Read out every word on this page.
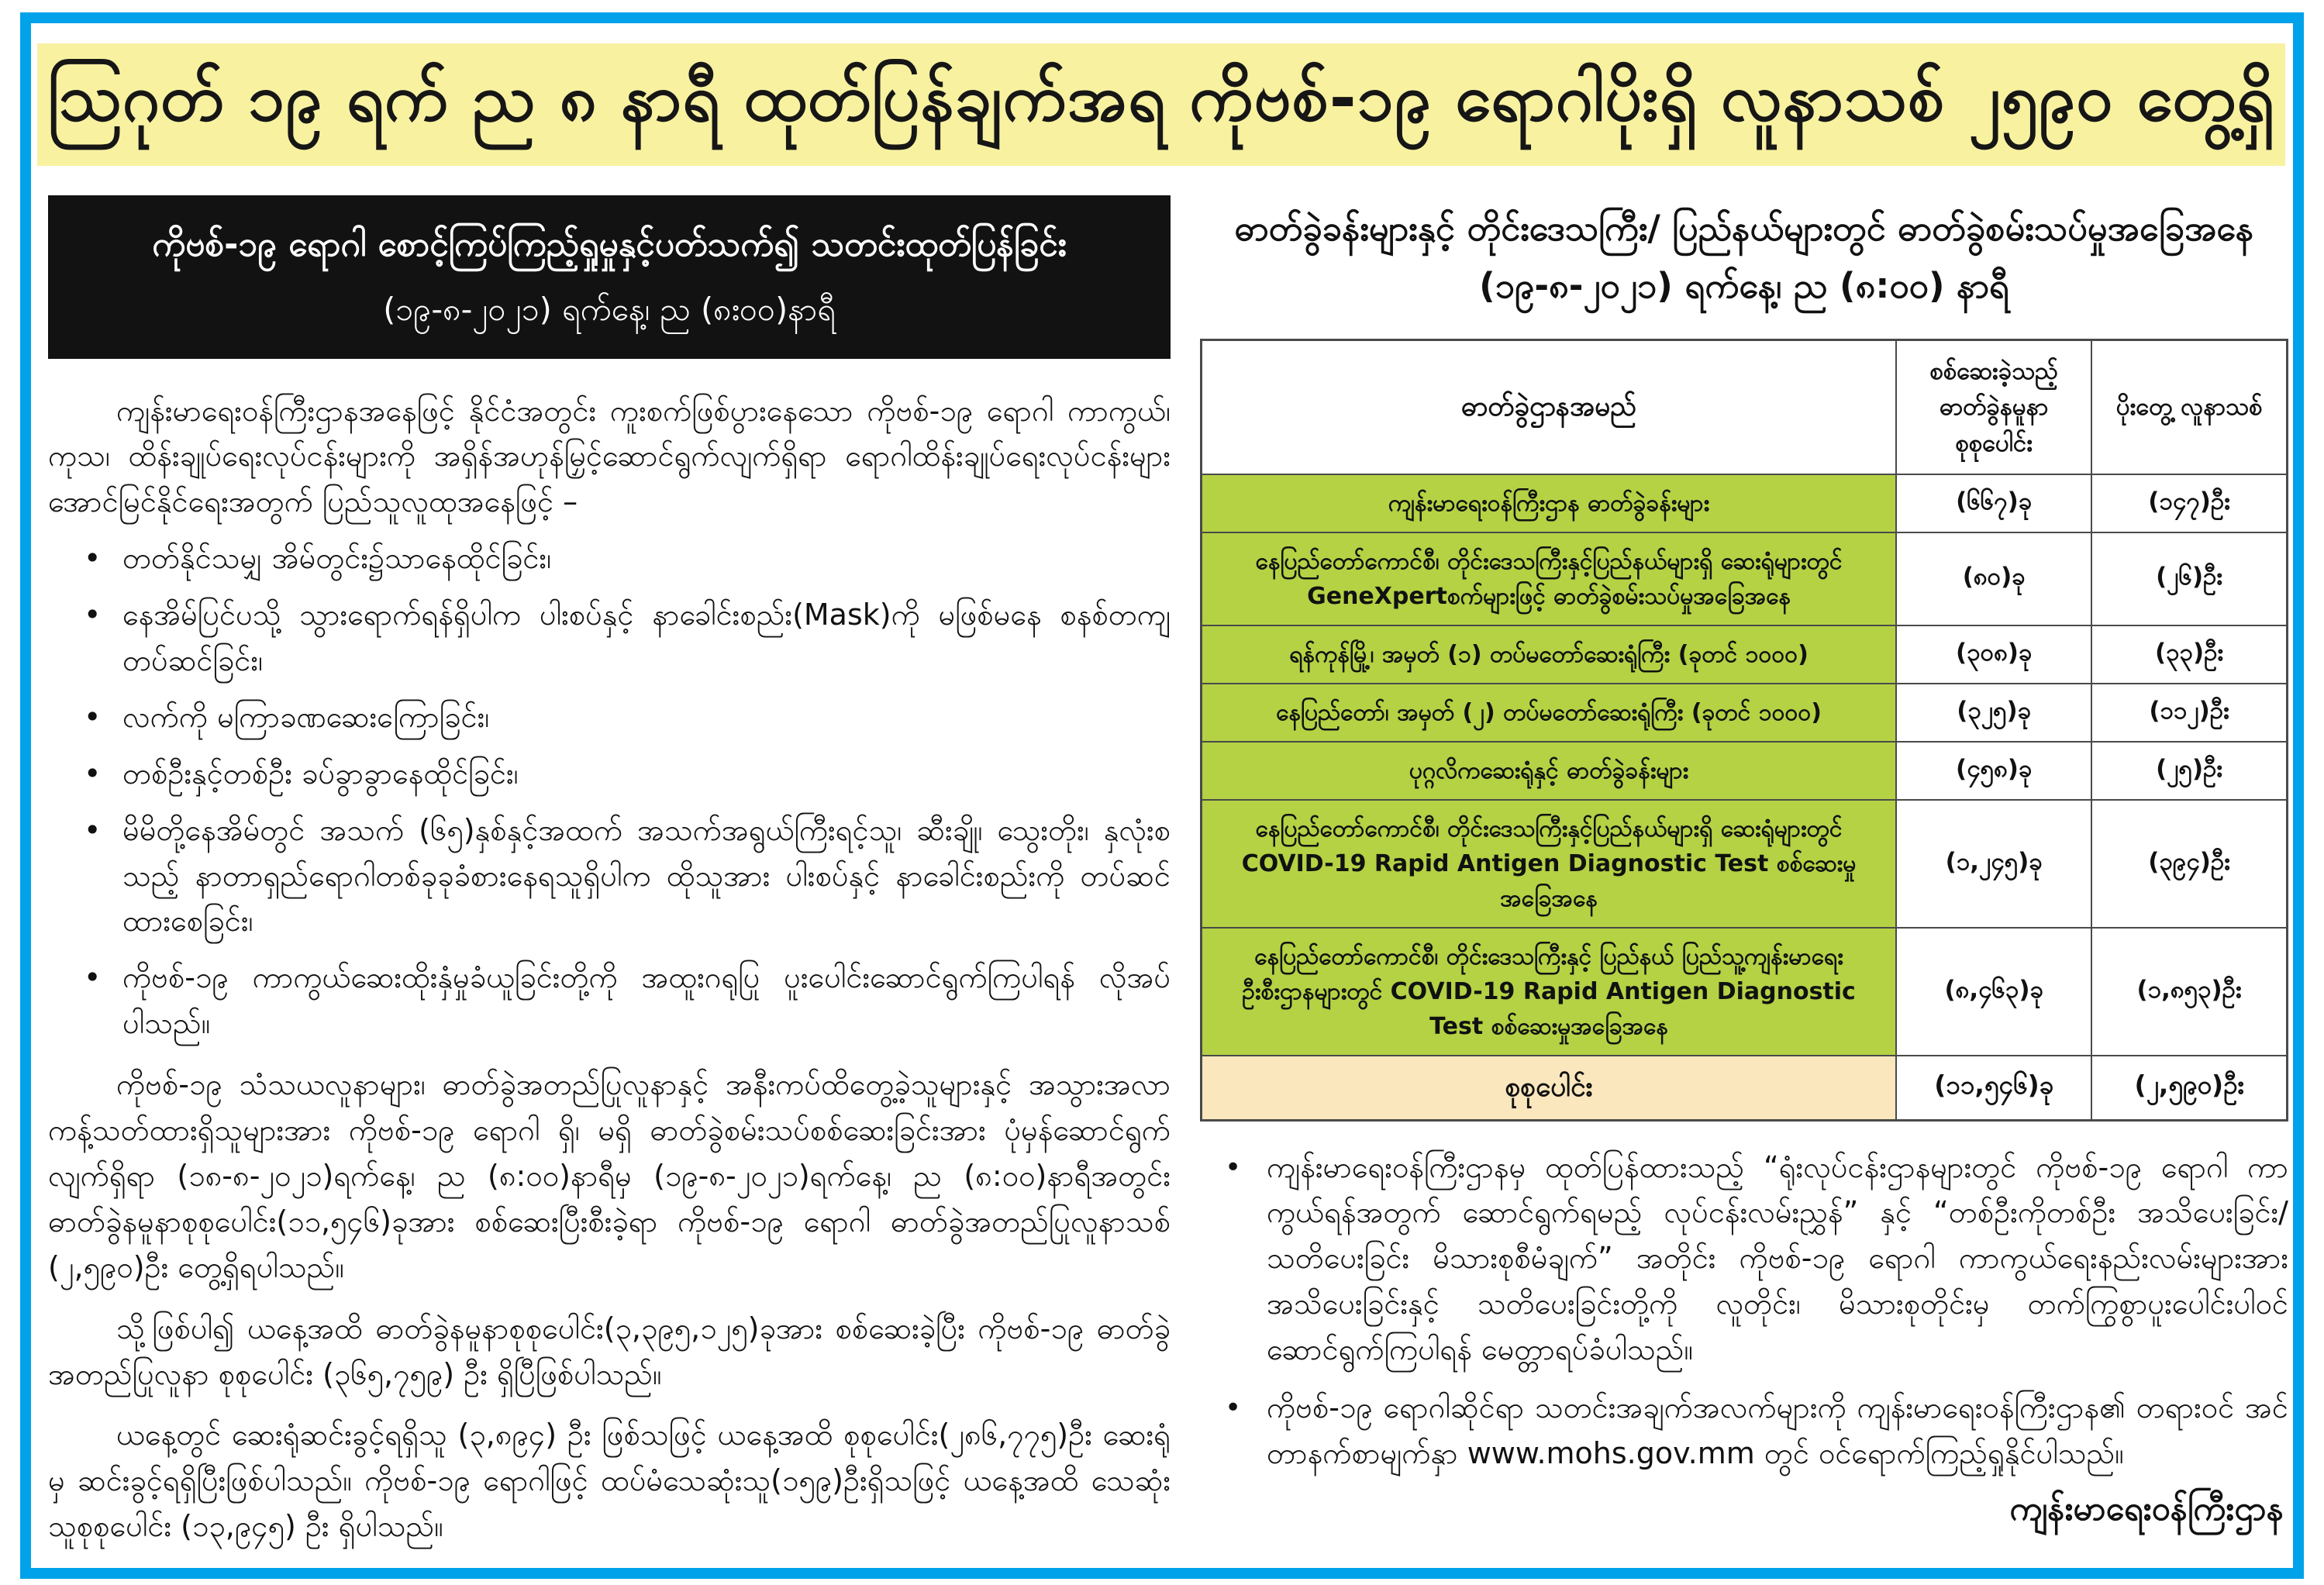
ဩဂုတ် ၁၉ ရက် ည ၈ နာရီ ထုတ်ပြန်ချက်အရ ကိုဗစ်-၁၉ ရောဂါပိုးရှိ လူနာသစ် ၂၅၉၀ တွေ့ရှိ
ကိုဗစ်-၁၉ ရောဂါ စောင့်ကြပ်ကြည့်ရှုမှုနှင့်ပတ်သက်၍ သတင်းထုတ်ပြန်ခြင်း
(၁၉-၈-၂၀၂၁) ရက်နေ့၊ ည (၈း၀၀)နာရီ

ကျန်းမာရေးဝန်ကြီးဌာနအနေဖြင့် နိုင်ငံအတွင်း ကူးစက်ဖြစ်ပွားနေသော ကိုဗစ်-၁၉ ရောဂါ ကာကွယ်၊ ကုသ၊ ထိန်းချုပ်ရေးလုပ်ငန်းများကို အရှိန်အဟုန်မြှင့်ဆောင်ရွက်လျက်ရှိရာ ရောဂါထိန်းချုပ်ရေးလုပ်ငန်းများ အောင်မြင်နိုင်ရေးအတွက် ပြည်သူလူထုအနေဖြင့် –

• တတ်နိုင်သမျှ အိမ်တွင်း၌သာနေထိုင်ခြင်း၊
• နေအိမ်ပြင်ပသို့ သွားရောက်ရန်ရှိပါက ပါးစပ်နှင့် နာခေါင်းစည်း(Mask)ကို မဖြစ်မနေ စနစ်တကျ တပ်ဆင်ခြင်း၊
• လက်ကို မကြာခဏဆေးကြောခြင်း၊
• တစ်ဦးနှင့်တစ်ဦး ခပ်ခွာခွာနေထိုင်ခြင်း၊
• မိမိတို့နေအိမ်တွင် အသက် (၆၅)နှစ်နှင့်အထက် အသက်အရွယ်ကြီးရင့်သူ၊ ဆီးချို၊ သွေးတိုး၊ နှလုံးစသည့် နာတာရှည်ရောဂါတစ်ခုခုခံစားနေရသူရှိပါက ထိုသူအား ပါးစပ်နှင့် နာခေါင်းစည်းကို တပ်ဆင်ထားစေခြင်း၊
• ကိုဗစ်-၁၉ ကာကွယ်ဆေးထိုးနှံမှုခံယူခြင်းတို့ကို အထူးဂရုပြု ပူးပေါင်းဆောင်ရွက်ကြပါရန် လိုအပ်ပါသည်။

ကိုဗစ်-၁၉ သံသယလူနာများ၊ ဓာတ်ခွဲအတည်ပြုလူနာနှင့် အနီးကပ်ထိတွေ့ခဲ့သူများနှင့် အသွားအလာ ကန့်သတ်ထားရှိသူများအား ကိုဗစ်-၁၉ ရောဂါ ရှိ၊ မရှိ ဓာတ်ခွဲစမ်းသပ်စစ်ဆေးခြင်းအား ပုံမှန်ဆောင်ရွက်လျက်ရှိရာ (၁၈-၈-၂၀၂၁)ရက်နေ့၊ ည (၈:၀၀)နာရီမှ (၁၉-၈-၂၀၂၁)ရက်နေ့၊ ည (၈:၀၀)နာရီအတွင်း ဓာတ်ခွဲနမူနာစုစုပေါင်း(၁၁,၅၄၆)ခုအား စစ်ဆေးပြီးစီးခဲ့ရာ ကိုဗစ်-၁၉ ရောဂါ ဓာတ်ခွဲအတည်ပြုလူနာသစ် (၂,၅၉၀)ဦး တွေ့ရှိရပါသည်။

သို့ဖြစ်ပါ၍ ယနေ့အထိ ဓာတ်ခွဲနမူနာစုစုပေါင်း(၃,၃၉၅,၁၂၅)ခုအား စစ်ဆေးခဲ့ပြီး ကိုဗစ်-၁၉ ဓာတ်ခွဲ အတည်ပြုလူနာ စုစုပေါင်း (၃၆၅,၇၅၉) ဦး ရှိပြီဖြစ်ပါသည်။

ယနေ့တွင် ဆေးရုံဆင်းခွင့်ရရှိသူ (၃,၈၉၄) ဦး ဖြစ်သဖြင့် ယနေ့အထိ စုစုပေါင်း(၂၈၆,၇၇၅)ဦး ဆေးရုံမှ ဆင်းခွင့်ရရှိပြီးဖြစ်ပါသည်။ ကိုဗစ်-၁၉ ရောဂါဖြင့် ထပ်မံသေဆုံးသူ(၁၅၉)ဦးရှိသဖြင့် ယနေ့အထိ သေဆုံးသူစုစုပေါင်း (၁၃,၉၄၅) ဦး ရှိပါသည်။

ဓာတ်ခွဲခန်းများနှင့် တိုင်းဒေသကြီး/ ပြည်နယ်များတွင် ဓာတ်ခွဲစမ်းသပ်မှုအခြေအနေ
(၁၉-၈-၂၀၂၁) ရက်နေ့၊ ည (၈:၀၀) နာရီ
ဓာတ်ခွဲဌာနအမည်	စစ်ဆေးခဲ့သည့် ဓာတ်ခွဲနမူနာ စုစုပေါင်း	ပိုးတွေ့ လူနာသစ်
ကျန်းမာရေးဝန်ကြီးဌာန ဓာတ်ခွဲခန်းများ	(၆၆၇)ခု	(၁၄၇)ဦး
နေပြည်တော်ကောင်စီ၊ တိုင်းဒေသကြီးနှင့်ပြည်နယ်များရှိ ဆေးရုံများတွင် GeneXpertစက်များဖြင့် ဓာတ်ခွဲစမ်းသပ်မှုအခြေအနေ	(၈၀)ခု	(၂၆)ဦး
ရန်ကုန်မြို့၊ အမှတ် (၁) တပ်မတော်ဆေးရုံကြီး (ခုတင် ၁၀၀၀)	(၃၀၈)ခု	(၃၃)ဦး
နေပြည်တော်၊ အမှတ် (၂) တပ်မတော်ဆေးရုံကြီး (ခုတင် ၁၀၀၀)	(၃၂၅)ခု	(၁၁၂)ဦး
ပုဂ္ဂလိကဆေးရုံနှင့် ဓာတ်ခွဲခန်းများ	(၄၅၈)ခု	(၂၅)ဦး
နေပြည်တော်ကောင်စီ၊ တိုင်းဒေသကြီးနှင့်ပြည်နယ်များရှိ ဆေးရုံများတွင် COVID-19 Rapid Antigen Diagnostic Test စစ်ဆေးမှုအခြေအနေ	(၁,၂၄၅)ခု	(၃၉၄)ဦး
နေပြည်တော်ကောင်စီ၊ တိုင်းဒေသကြီးနှင့် ပြည်နယ် ပြည်သူ့ကျန်းမာရေးဦးစီးဌာနများတွင် COVID-19 Rapid Antigen Diagnostic Test စစ်ဆေးမှုအခြေအနေ	(၈,၄၆၃)ခု	(၁,၈၅၃)ဦး
စုစုပေါင်း	(၁၁,၅၄၆)ခု	(၂,၅၉၀)ဦး
• ကျန်းမာရေးဝန်ကြီးဌာနမှ ထုတ်ပြန်ထားသည့် “ရုံးလုပ်ငန်းဌာနများတွင် ကိုဗစ်-၁၉ ရောဂါ ကာကွယ်ရန်အတွက် ဆောင်ရွက်ရမည့် လုပ်ငန်းလမ်းညွှန်” နှင့် “တစ်ဦးကိုတစ်ဦး အသိပေးခြင်း/ သတိပေးခြင်း မိသားစုစီမံချက်” အတိုင်း ကိုဗစ်-၁၉ ရောဂါ ကာကွယ်ရေးနည်းလမ်းများအား အသိပေးခြင်းနှင့် သတိပေးခြင်းတို့ကို လူတိုင်း၊ မိသားစုတိုင်းမှ တက်ကြွစွာပူးပေါင်းပါဝင် ဆောင်ရွက်ကြပါရန် မေတ္တာရပ်ခံပါသည်။
• ကိုဗစ်-၁၉ ရောဂါဆိုင်ရာ သတင်းအချက်အလက်များကို ကျန်းမာရေးဝန်ကြီးဌာန၏ တရားဝင် အင်တာနက်စာမျက်နှာ www.mohs.gov.mm တွင် ဝင်ရောက်ကြည့်ရှုနိုင်ပါသည်။
ကျန်းမာရေးဝန်ကြီးဌာန
